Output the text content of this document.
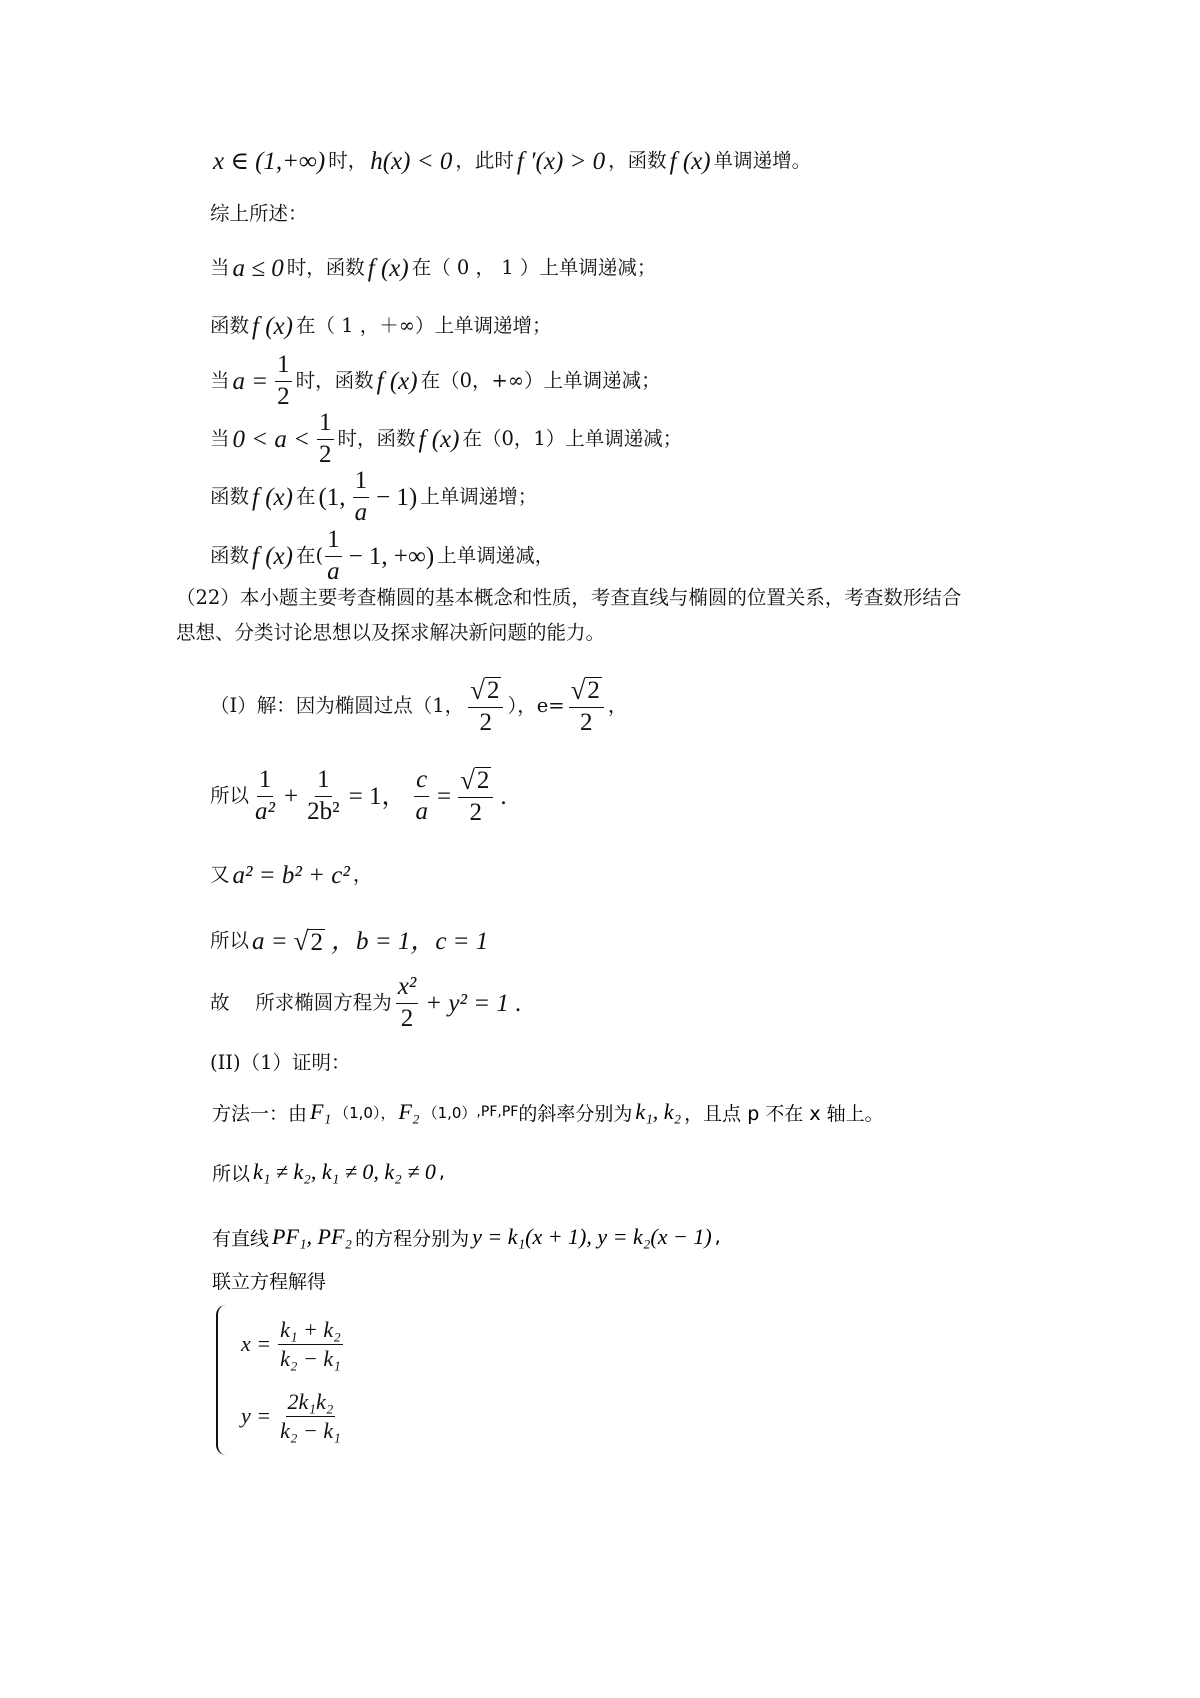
x ∈ (1,+∞) 时， h(x) < 0 ，此时 f ′(x) > 0 ，函数 f (x) 单调递增。
综上所述：
当 a ≤ 0 时，函数 f (x) 在（ 0 ， 1 ）上单调递减；
函数 f (x) 在（ 1 ，＋∞）上单调递增；
当 $a = \frac{1}{2}$ 时，函数 f (x) 在（0，+∞）上单调递减；
当 $0 < a < \frac{1}{2}$ 时，函数 f (x) 在（0，1）上单调递减；
函数 f (x) 在 (1, $\frac{1}{a} - 1$) 上单调递增；
函数 f (x) 在( $\frac{1}{a} - 1$, +∞) 上单调递减，
（22）本小题主要考查椭圆的基本概念和性质，考查直线与椭圆的位置关系，考查数形结合思想、分类讨论思想以及探求解决新问题的能力。
（Ⅰ）解：因为椭圆过点（1， $\frac{√ 2}{2}$ ），$e= \frac{√ 2}{2}$ ，
所以 $\frac{1}{\text{a²}} + \frac{1}{\text{2b²}} = 1$， $\frac{c}{a} = \frac{√ 2}{2}$ .
又 a² = b² + c² ，
所以 a = √ 2 ，b = 1，c = 1
故　 所求椭圆方程为 $\frac{\text{x²}}{2} + y^2 = 1$ .
(II)（1）证明：
方法一：由 F₁ （1,0）， F₂ （1,0） ,PF ,PF 的斜率分别为 k₁, k₂ ，且点 p 不在 x 轴上。
所以 k₁ ≠ k₂, k₁ ≠ 0, k₂ ≠ 0 ,
有直线 PF₁, PF₂ 的方程分别为 y = k₁(x + 1), y = k₂(x − 1) ,
联立方程解得
$x = \frac{\text{k₁ + k₂}}{\text{k₂ − k₁}}$
$y = \frac{\text{2k₁k₂}}{\text{k₂ − k₁}}$
